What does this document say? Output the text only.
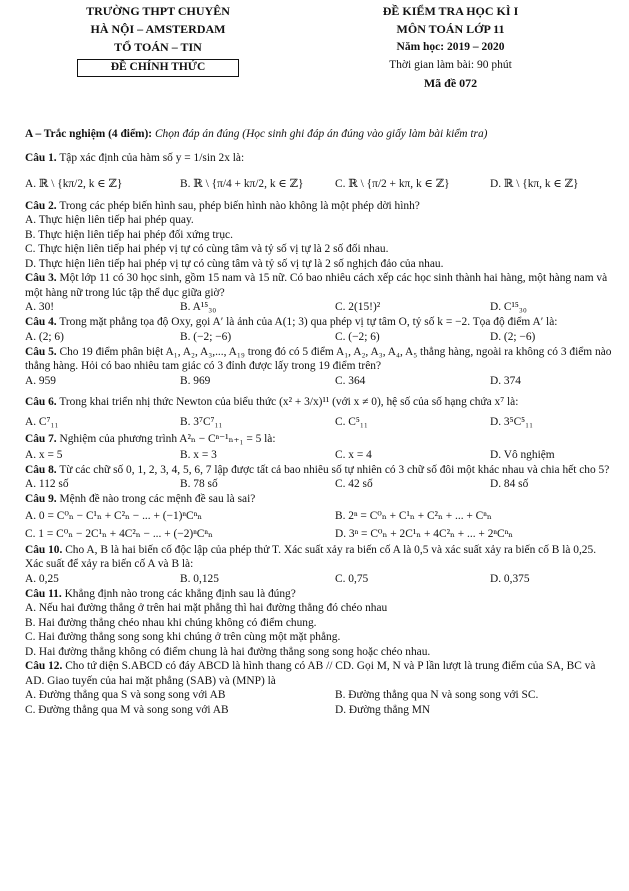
TRƯỜNG THPT CHUYÊN
HÀ NỘI – AMSTERDAM
TỔ TOÁN – TIN
ĐỀ CHÍNH THỨC
ĐỀ KIỂM TRA HỌC KÌ I
MÔN TOÁN LỚP 11
Năm học: 2019 – 2020
Thời gian làm bài: 90 phút
Mã đề 072
A – Trắc nghiệm (4 điểm): Chọn đáp án đúng (Học sinh ghi đáp án đúng vào giấy làm bài kiểm tra)
Câu 1. Tập xác định của hàm số y = 1/sin 2x là:
A. ℝ \ {kπ/2, k ∈ ℤ}	B. ℝ \ {π/4 + kπ/2, k ∈ ℤ}	C. ℝ \ {π/2 + kπ, k ∈ ℤ}	D. ℝ \ {kπ, k ∈ ℤ}
Câu 2. Trong các phép biến hình sau, phép biến hình nào không là một phép dời hình?
A. Thực hiện liên tiếp hai phép quay.
B. Thực hiện liên tiếp hai phép đối xứng trục.
C. Thực hiện liên tiếp hai phép vị tự có cùng tâm và tỷ số vị tự là 2 số đối nhau.
D. Thực hiện liên tiếp hai phép vị tự có cùng tâm và tỷ số vị tự là 2 số nghịch đảo của nhau.
Câu 3. Một lớp 11 có 30 học sinh, gồm 15 nam và 15 nữ. Có bao nhiêu cách xếp các học sinh thành hai hàng, một hàng nam và một hàng nữ trong lúc tập thể dục giữa giờ?
A. 30!	B. A¹⁵₃₀	C. 2(15!)²	D. C¹⁵₃₀
Câu 4. Trong mặt phẳng tọa độ Oxy, gọi A′ là ảnh của A(1; 3) qua phép vị tự tâm O, tỷ số k = −2. Tọa độ điểm A′ là:
A. (2; 6)	B. (−2; −6)	C. (−2; 6)	D. (2; −6)
Câu 5. Cho 19 điểm phân biệt A₁, A₂, A₃,..., A₁₉ trong đó có 5 điểm A₁, A₂, A₃, A₄, A₅ thẳng hàng, ngoài ra không có 3 điểm nào thẳng hàng. Hỏi có bao nhiêu tam giác có 3 đỉnh được lấy trong 19 điểm trên?
A. 959	B. 969	C. 364	D. 374
Câu 6. Trong khai triển nhị thức Newton của biểu thức (x² + 3/x)¹¹ (với x ≠ 0), hệ số của số hạng chứa x⁷ là:
A. C⁷₁₁	B. 3⁷C⁷₁₁	C. C⁵₁₁	D. 3⁵C⁵₁₁
Câu 7. Nghiệm của phương trình A²ₙ − Cⁿ⁻¹ₙ₊₁ = 5 là:
A. x = 5	B. x = 3	C. x = 4	D. Vô nghiệm
Câu 8. Từ các chữ số 0, 1, 2, 3, 4, 5, 6, 7 lập được tất cả bao nhiêu số tự nhiên có 3 chữ số đôi một khác nhau và chia hết cho 5?
A. 112 số	B. 78 số	C. 42 số	D. 84 số
Câu 9. Mệnh đề nào trong các mệnh đề sau là sai?
A. 0 = C⁰ₙ − C¹ₙ + C²ₙ − ... + (−1)ⁿCⁿₙ	B. 2ⁿ = C⁰ₙ + C¹ₙ + C²ₙ + ... + Cⁿₙ
C. 1 = C⁰ₙ − 2C¹ₙ + 4C²ₙ − ... + (−2)ⁿCⁿₙ	D. 3ⁿ = C⁰ₙ + 2C¹ₙ + 4C²ₙ + ... + 2ⁿCⁿₙ
Câu 10. Cho A, B là hai biến cố độc lập của phép thử T. Xác suất xảy ra biến cố A là 0,5 và xác suất xảy ra biến cố B là 0,25. Xác suất để xảy ra biến cố A và B là:
A. 0,25	B. 0,125	C. 0,75	D. 0,375
Câu 11. Khẳng định nào trong các khẳng định sau là đúng?
A. Nếu hai đường thẳng ở trên hai mặt phẳng thì hai đường thẳng đó chéo nhau
B. Hai đường thẳng chéo nhau khi chúng không có điểm chung.
C. Hai đường thẳng song song khi chúng ở trên cùng một mặt phẳng.
D. Hai đường thẳng không có điểm chung là hai đường thẳng song song hoặc chéo nhau.
Câu 12. Cho tứ diện S.ABCD có đáy ABCD là hình thang có AB // CD. Gọi M, N và P lần lượt là trung điểm của SA, BC và AD. Giao tuyến của hai mặt phẳng (SAB) và (MNP) là
A. Đường thẳng qua S và song song với AB	B. Đường thẳng qua N và song song với SC.
C. Đường thẳng qua M và song song với AB	D. Đường thẳng MN
